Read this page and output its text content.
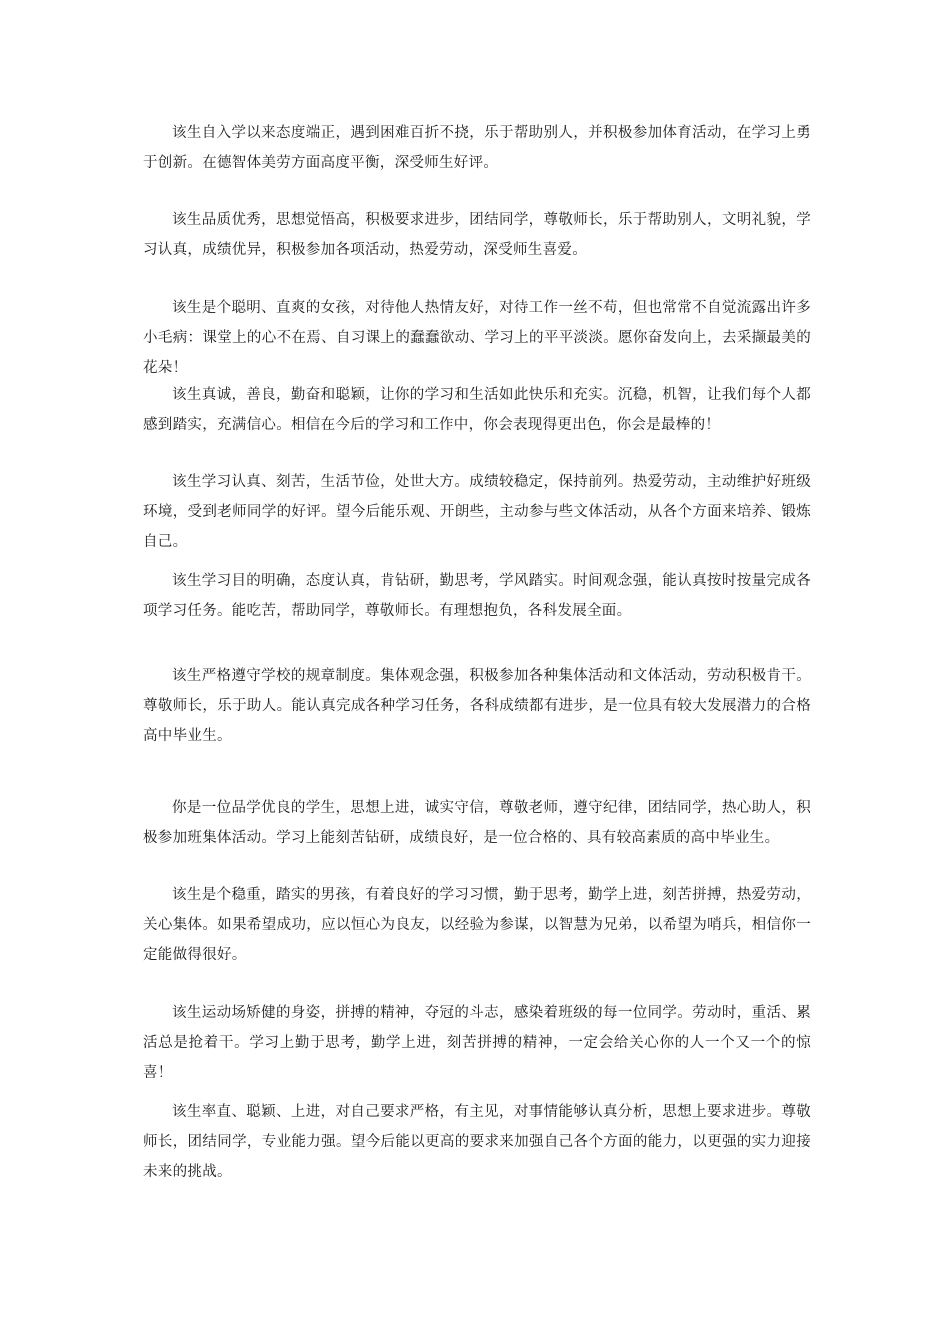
该生自入学以来态度端正，遇到困难百折不挠，乐于帮助别人，并积极参加体育活动，在学习上勇于创新。在德智体美劳方面高度平衡，深受师生好评。

该生品质优秀，思想觉悟高，积极要求进步，团结同学，尊敬师长，乐于帮助别人，文明礼貌，学习认真，成绩优异，积极参加各项活动，热爱劳动，深受师生喜爱。

该生是个聪明、直爽的女孩，对待他人热情友好，对待工作一丝不苟，但也常常不自觉流露出许多小毛病：课堂上的心不在焉、自习课上的蠢蠢欲动、学习上的平平淡淡。愿你奋发向上，去采撷最美的花朵！

该生真诚，善良，勤奋和聪颖，让你的学习和生活如此快乐和充实。沉稳，机智，让我们每个人都感到踏实，充满信心。相信在今后的学习和工作中，你会表现得更出色，你会是最棒的！

该生学习认真、刻苦，生活节俭，处世大方。成绩较稳定，保持前列。热爱劳动，主动维护好班级环境，受到老师同学的好评。望今后能乐观、开朗些，主动参与些文体活动，从各个方面来培养、锻炼自己。

该生学习目的明确，态度认真，肯钻研，勤思考，学风踏实。时间观念强，能认真按时按量完成各项学习任务。能吃苦，帮助同学，尊敬师长。有理想抱负，各科发展全面。

该生严格遵守学校的规章制度。集体观念强，积极参加各种集体活动和文体活动，劳动积极肯干。尊敬师长，乐于助人。能认真完成各种学习任务，各科成绩都有进步，是一位具有较大发展潜力的合格高中毕业生。

你是一位品学优良的学生，思想上进，诚实守信，尊敬老师，遵守纪律，团结同学，热心助人，积极参加班集体活动。学习上能刻苦钻研，成绩良好，是一位合格的、具有较高素质的高中毕业生。

该生是个稳重，踏实的男孩，有着良好的学习习惯，勤于思考，勤学上进，刻苦拼搏，热爱劳动，关心集体。如果希望成功，应以恒心为良友，以经验为参谋，以智慧为兄弟，以希望为哨兵，相信你一定能做得很好。

该生运动场矫健的身姿，拼搏的精神，夺冠的斗志，感染着班级的每一位同学。劳动时，重活、累活总是抢着干。学习上勤于思考，勤学上进，刻苦拼搏的精神，一定会给关心你的人一个又一个的惊喜！

该生率直、聪颖、上进，对自己要求严格，有主见，对事情能够认真分析，思想上要求进步。尊敬师长，团结同学，专业能力强。望今后能以更高的要求来加强自己各个方面的能力，以更强的实力迎接未来的挑战。
